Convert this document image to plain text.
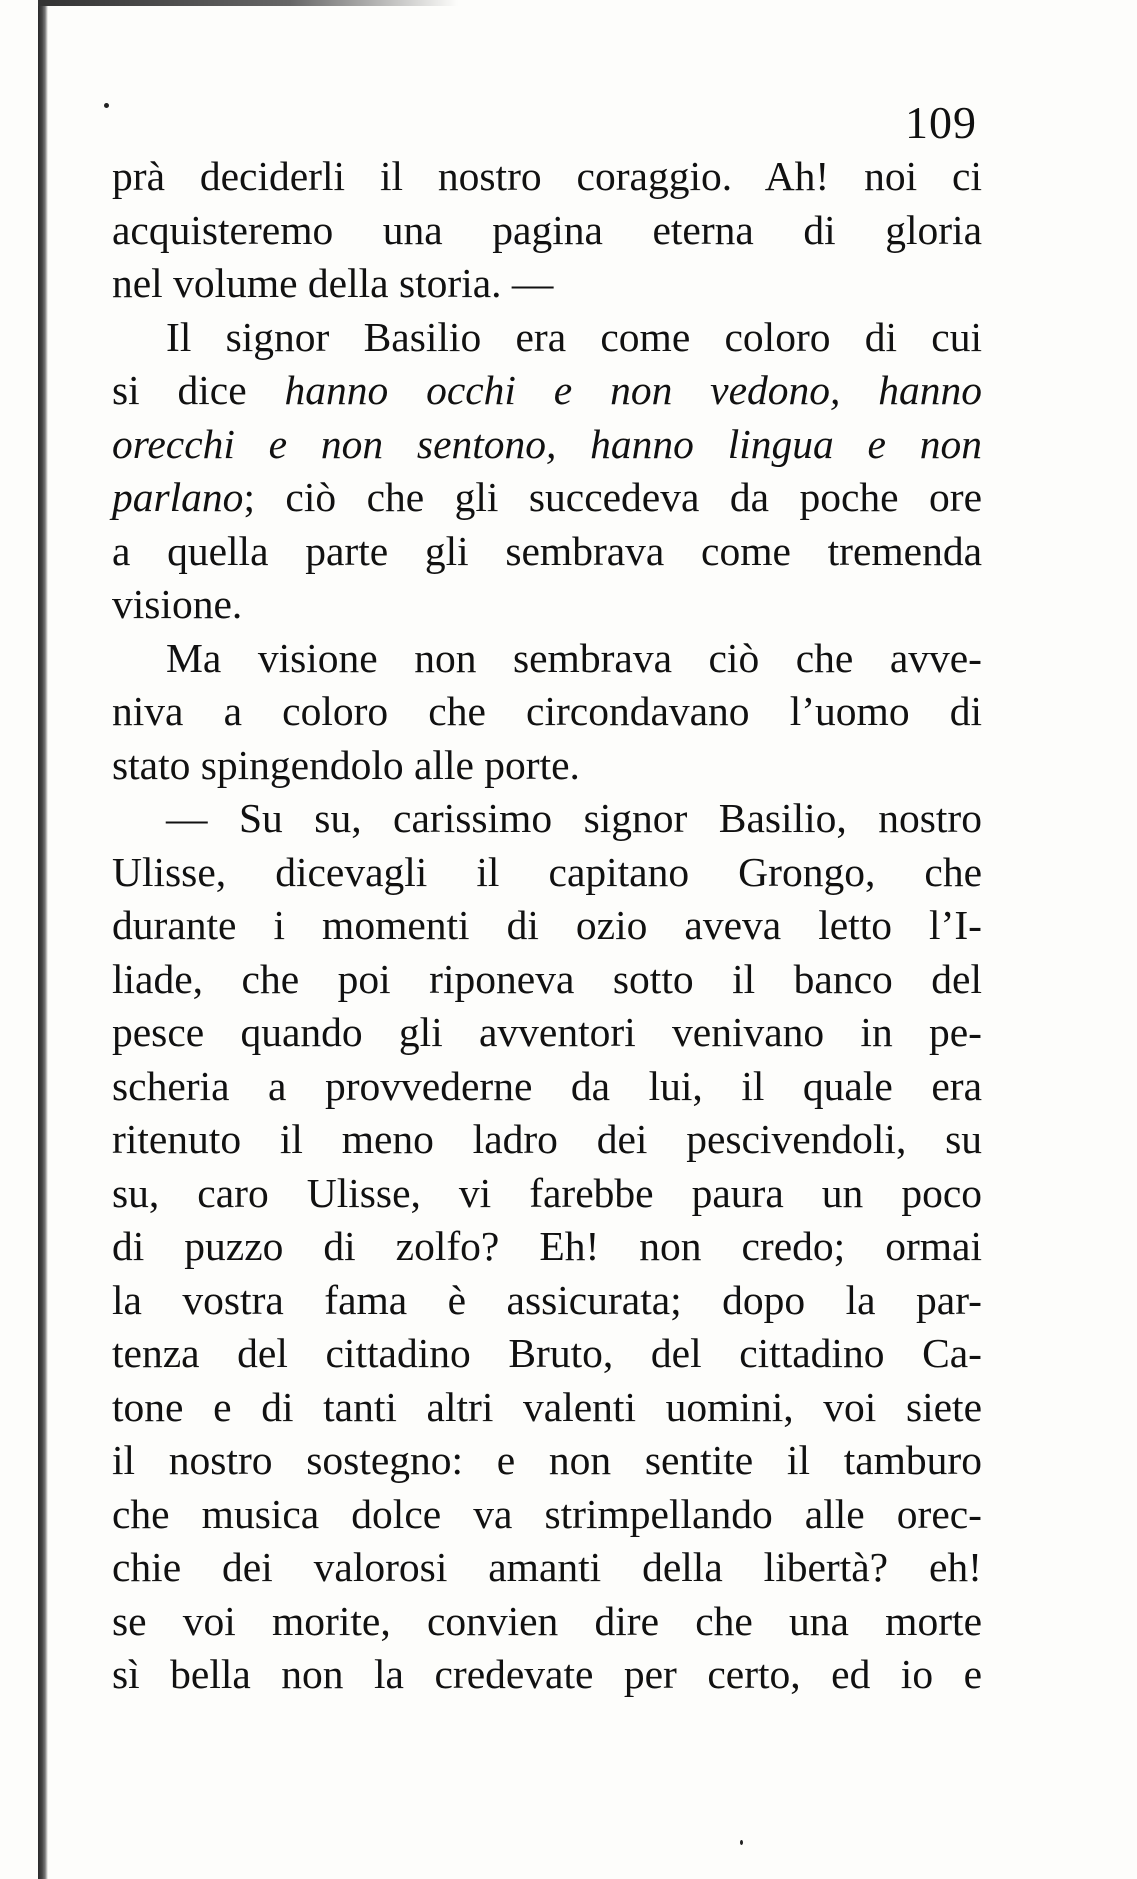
109
prà deciderli il nostro coraggio. Ah! noi ci
acquisteremo una pagina eterna di gloria
nel volume della storia. —
Il signor Basilio era come coloro di cui
si dice hanno occhi e non vedono, hanno
orecchi e non sentono, hanno lingua e non
parlano; ciò che gli succedeva da poche ore
a quella parte gli sembrava come tremenda
visione.
Ma visione non sembrava ciò che avve-
niva a coloro che circondavano l’uomo di
stato spingendolo alle porte.
— Su su, carissimo signor Basilio, nostro
Ulisse, dicevagli il capitano Grongo, che
durante i momenti di ozio aveva letto l’I-
liade, che poi riponeva sotto il banco del
pesce quando gli avventori venivano in pe-
scheria a provvederne da lui, il quale era
ritenuto il meno ladro dei pescivendoli, su
su, caro Ulisse, vi farebbe paura un poco
di puzzo di zolfo? Eh! non credo; ormai
la vostra fama è assicurata; dopo la par-
tenza del cittadino Bruto, del cittadino Ca-
tone e di tanti altri valenti uomini, voi siete
il nostro sostegno: e non sentite il tamburo
che musica dolce va strimpellando alle orec-
chie dei valorosi amanti della libertà? eh!
se voi morite, convien dire che una morte
sì bella non la credevate per certo, ed io e
